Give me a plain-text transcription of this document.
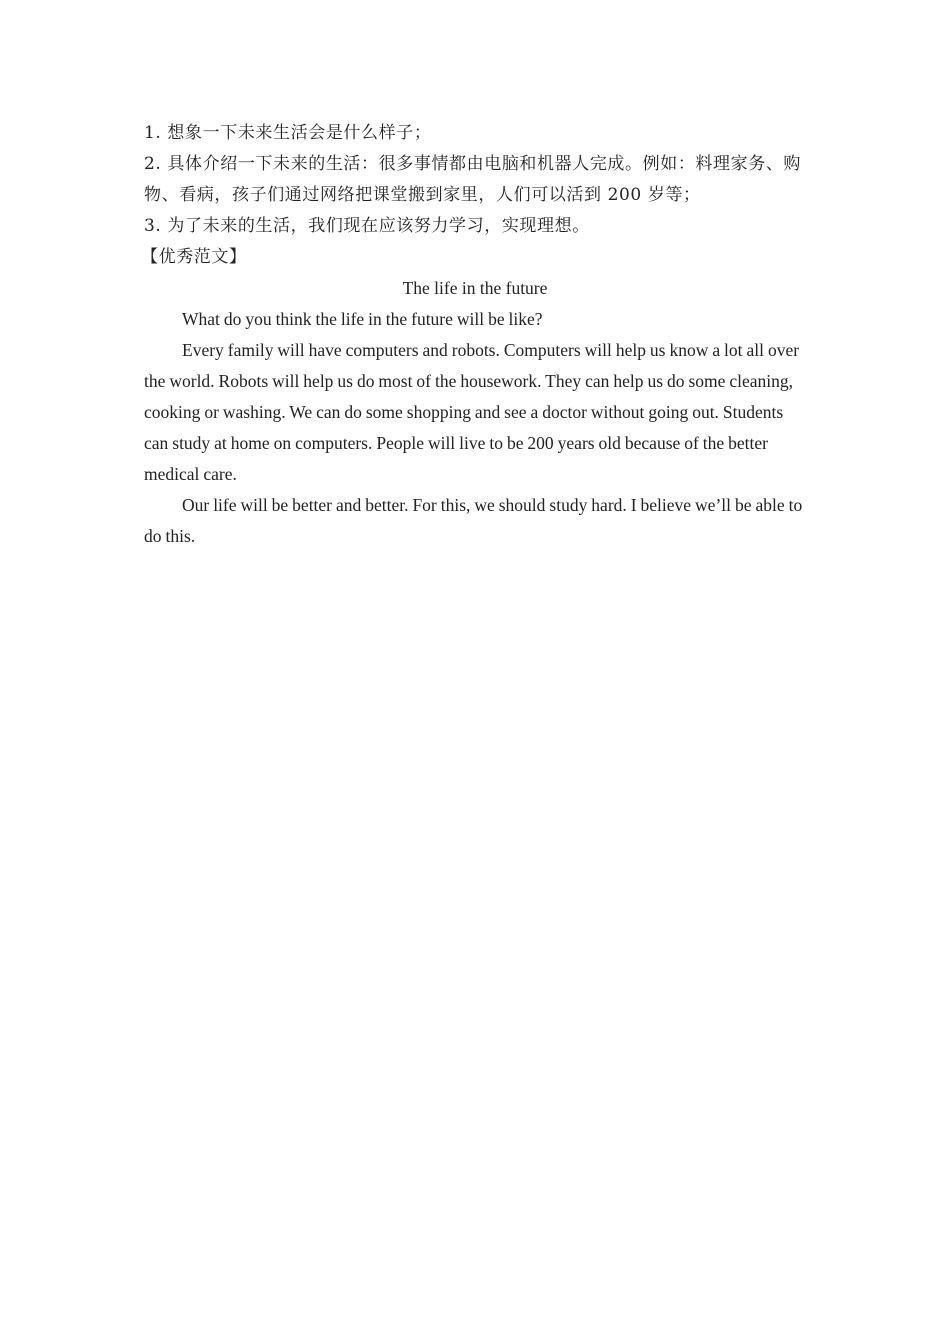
1. 想象一下未来生活会是什么样子；

2. 具体介绍一下未来的生活：很多事情都由电脑和机器人完成。例如：料理家务、购物、看病，孩子们通过网络把课堂搬到家里，人们可以活到 200 岁等；

3. 为了未来的生活，我们现在应该努力学习，实现理想。

【优秀范文】

The life in the future

What do you think the life in the future will be like?

Every family will have computers and robots. Computers will help us know a lot all over the world. Robots will help us do most of the housework. They can help us do some cleaning, cooking or washing. We can do some shopping and see a doctor without going out. Students can study at home on computers. People will live to be 200 years old because of the better medical care.

Our life will be better and better. For this, we should study hard. I believe we’ll be able to do this.
